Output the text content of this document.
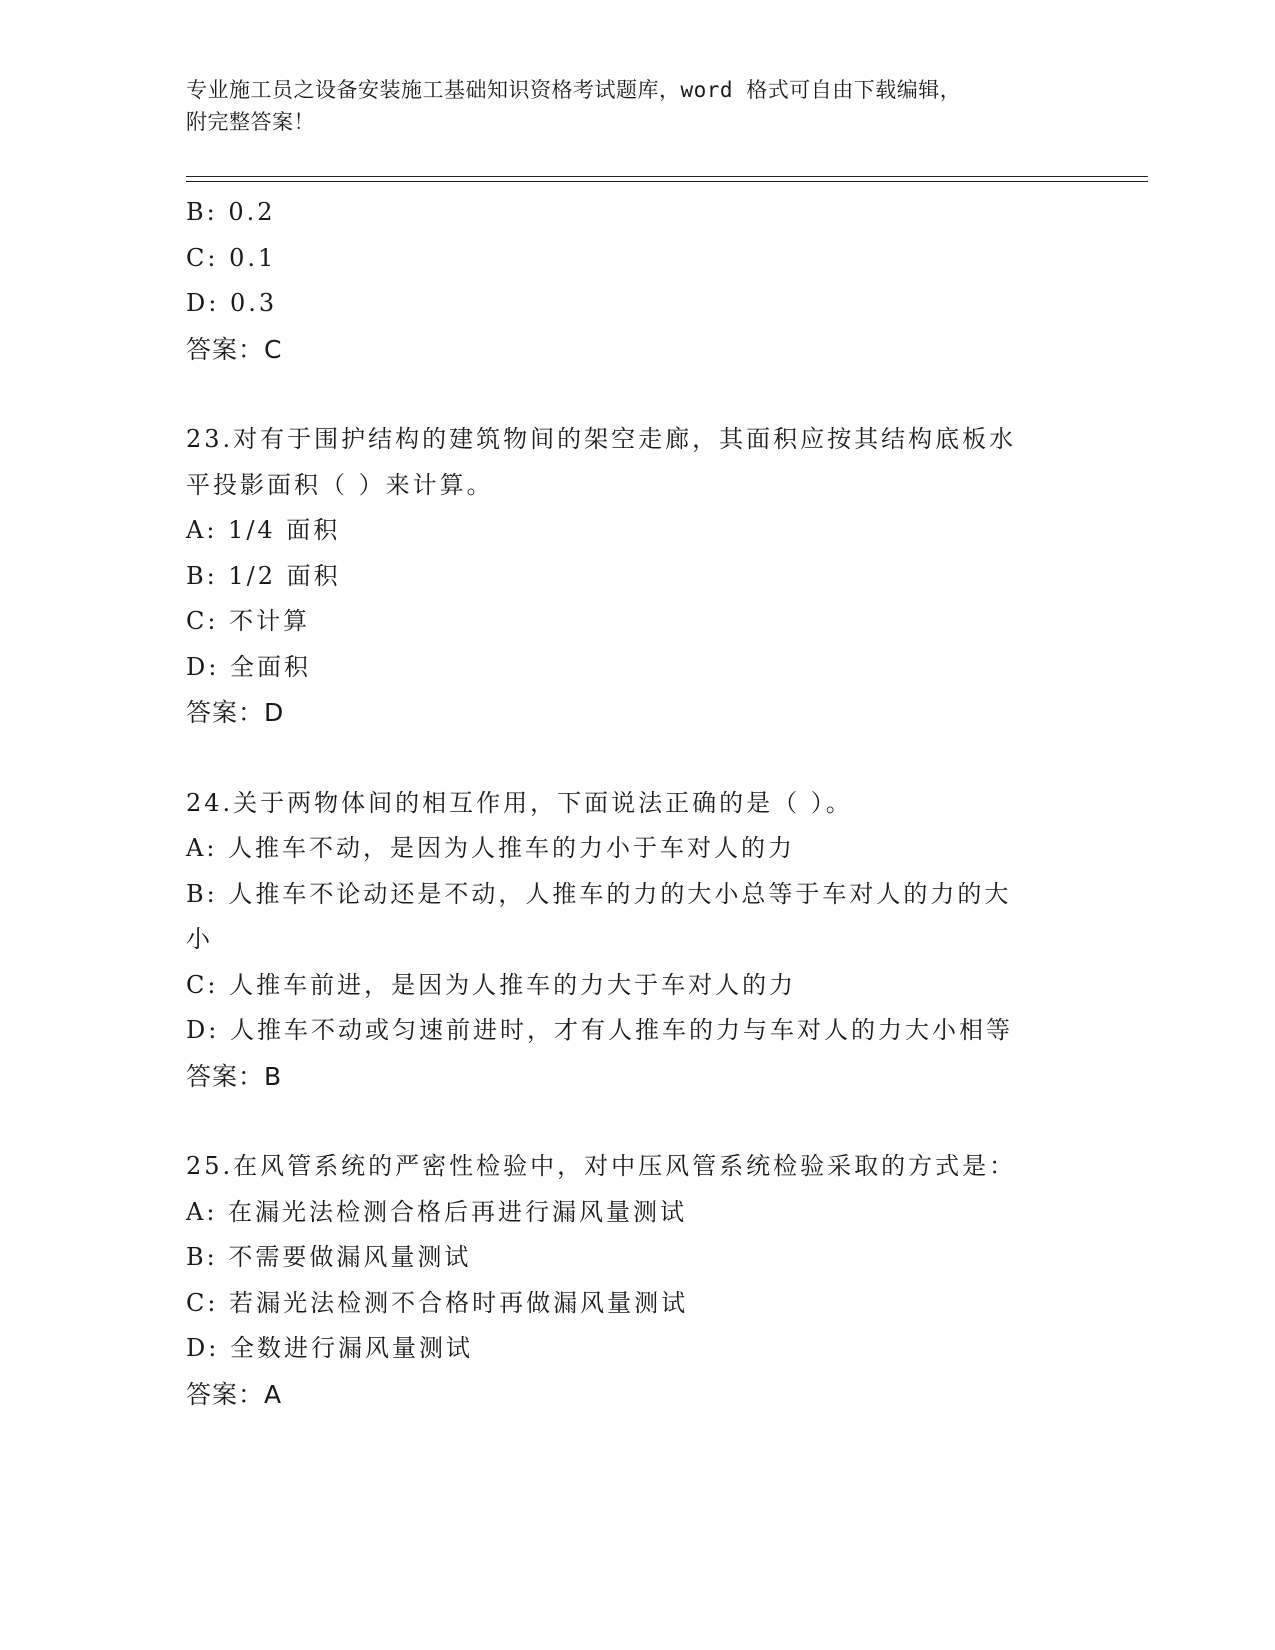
专业施工员之设备安装施工基础知识资格考试题库，word 格式可自由下载编辑，
附完整答案！
B: 0.2
C: 0.1
D: 0.3
答案：C
23.对有于围护结构的建筑物间的架空走廊，其面积应按其结构底板水
平投影面积（ ）来计算。
A: 1/4 面积
B: 1/2 面积
C: 不计算
D: 全面积
答案：D
24.关于两物体间的相互作用，下面说法正确的是（ ）。
A: 人推车不动，是因为人推车的力小于车对人的力
B: 人推车不论动还是不动，人推车的力的大小总等于车对人的力的大
小
C: 人推车前进，是因为人推车的力大于车对人的力
D: 人推车不动或匀速前进时，才有人推车的力与车对人的力大小相等
答案：B
25.在风管系统的严密性检验中，对中压风管系统检验采取的方式是：
A: 在漏光法检测合格后再进行漏风量测试
B: 不需要做漏风量测试
C: 若漏光法检测不合格时再做漏风量测试
D: 全数进行漏风量测试
答案：A
